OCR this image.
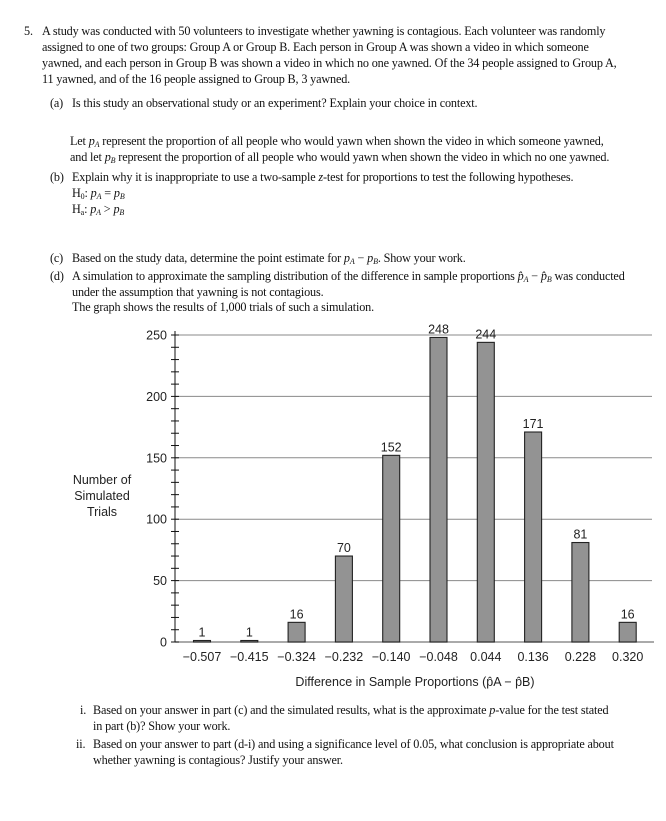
5. A study was conducted with 50 volunteers to investigate whether yawning is contagious. Each volunteer was randomly
assigned to one of two groups: Group A or Group B. Each person in Group A was shown a video in which someone
yawned, and each person in Group B was shown a video in which no one yawned. Of the 34 people assigned to Group A,
11 yawned, and of the 16 people assigned to Group B, 3 yawned.
(a) Is this study an observational study or an experiment? Explain your choice in context.
Let $p_A$ represent the proportion of all people who would yawn when shown the video in which someone yawned,
and let $p_B$ represent the proportion of all people who would yawn when shown the video in which no one yawned.
(b) Explain why it is inappropriate to use a two-sample z-test for proportions to test the following hypotheses.
$H_0$: $p_A = p_B$
$H_a$: $p_A > p_B$
(c) Based on the study data, determine the point estimate for $p_A - p_B$. Show your work.
(d) A simulation to approximate the sampling distribution of the difference in sample proportions $p̂_A$ − $p̂_B$ was conducted
under the assumption that yawning is not contagious.
The graph shows the results of 1,000 trials of such a simulation.
0
50
100
150
200
250
1
−0.507
1
−0.415
16
−0.324
70
−0.232
152
−0.140
248
−0.048
244
0.044
171
0.136
81
0.228
16
0.320
Difference in Sample Proportions (p̂A − p̂B)
Number of
Simulated
Trials
i. Based on your answer in part (c) and the simulated results, what is the approximate p-value for the test stated
in part (b)? Show your work.
ii. Based on your answer to part (d-i) and using a significance level of 0.05, what conclusion is appropriate about
whether yawning is contagious? Justify your answer.
